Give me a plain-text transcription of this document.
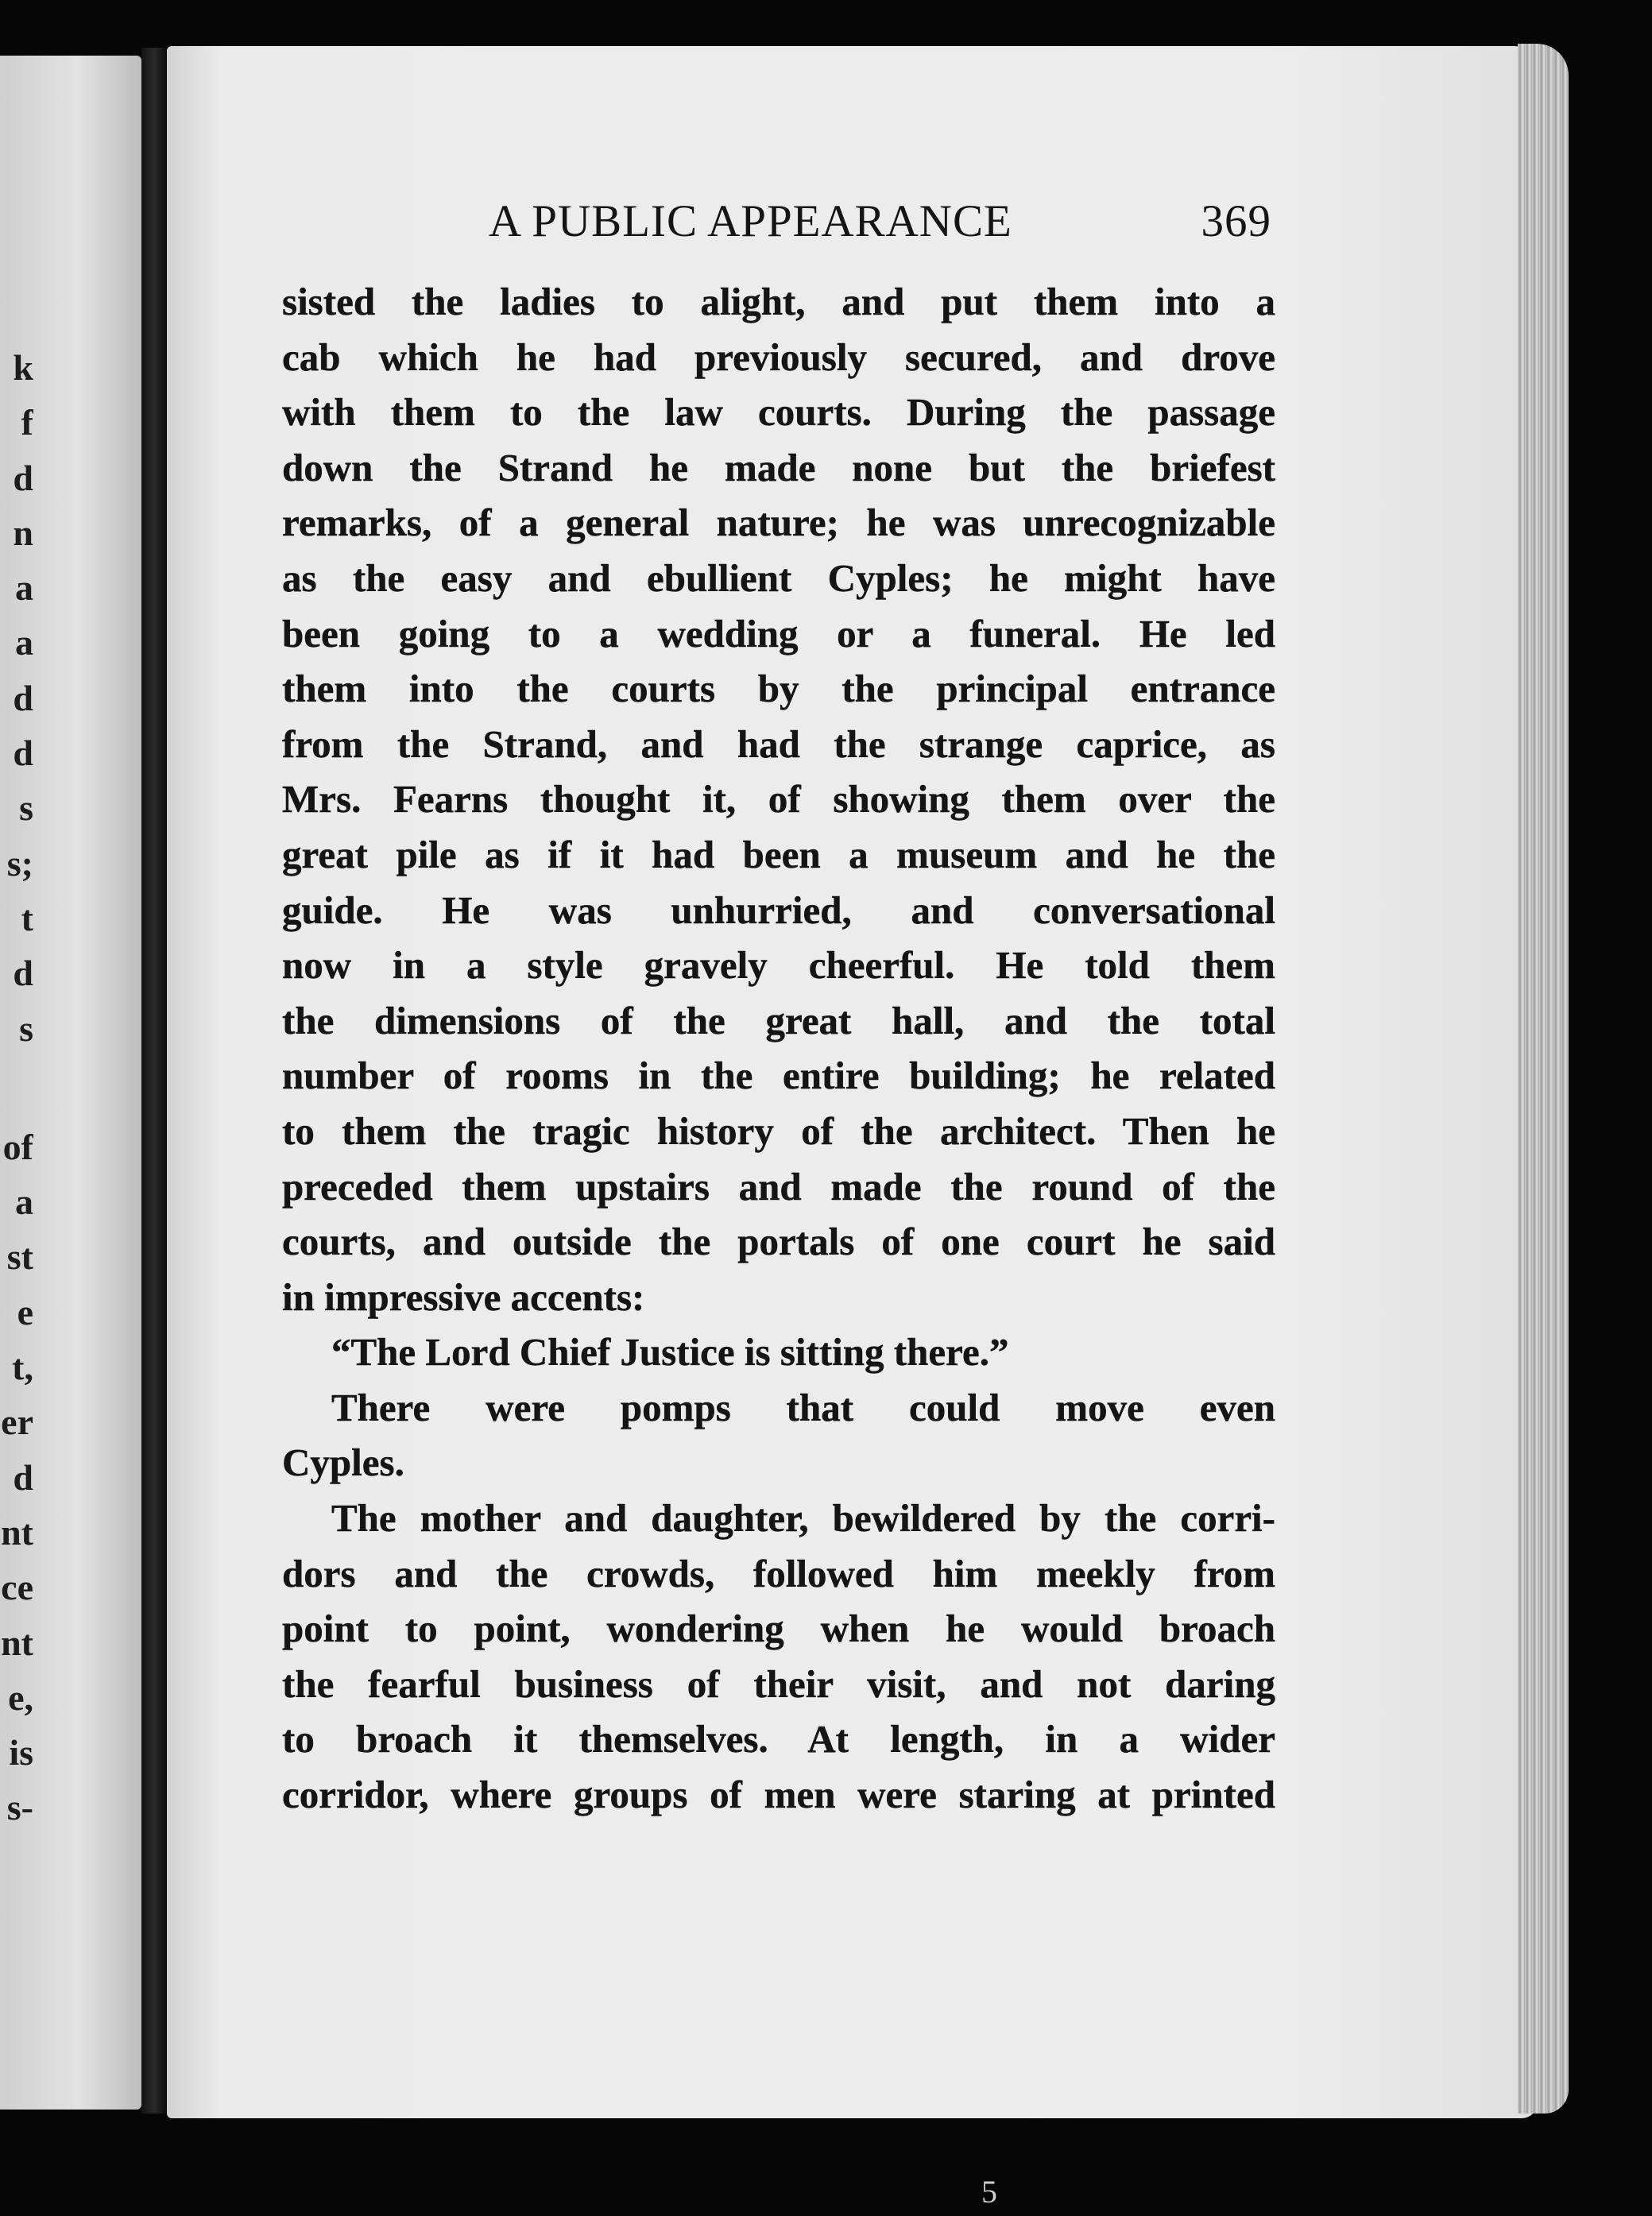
k
f
d
n
a
a
d
d
s
s;
t
d
s
of
a
st
e
t,
er
d
nt
ce
nt
e,
is
s-
A PUBLIC APPEARANCE	369
sisted the ladies to alight, and put them into a
cab which he had previously secured, and drove
with them to the law courts. During the passage
down the Strand he made none but the briefest
remarks, of a general nature; he was unrecognizable
as the easy and ebullient Cyples; he might have
been going to a wedding or a funeral. He led
them into the courts by the principal entrance
from the Strand, and had the strange caprice, as
Mrs. Fearns thought it, of showing them over the
great pile as if it had been a museum and he the
guide. He was unhurried, and conversational
now in a style gravely cheerful. He told them
the dimensions of the great hall, and the total
number of rooms in the entire building; he related
to them the tragic history of the architect. Then he
preceded them upstairs and made the round of the
courts, and outside the portals of one court he said
in impressive accents:
“The Lord Chief Justice is sitting there.”
There were pomps that could move even
Cyples.
The mother and daughter, bewildered by the corri-
dors and the crowds, followed him meekly from
point to point, wondering when he would broach
the fearful business of their visit, and not daring
to broach it themselves. At length, in a wider
corridor, where groups of men were staring at printed
5
